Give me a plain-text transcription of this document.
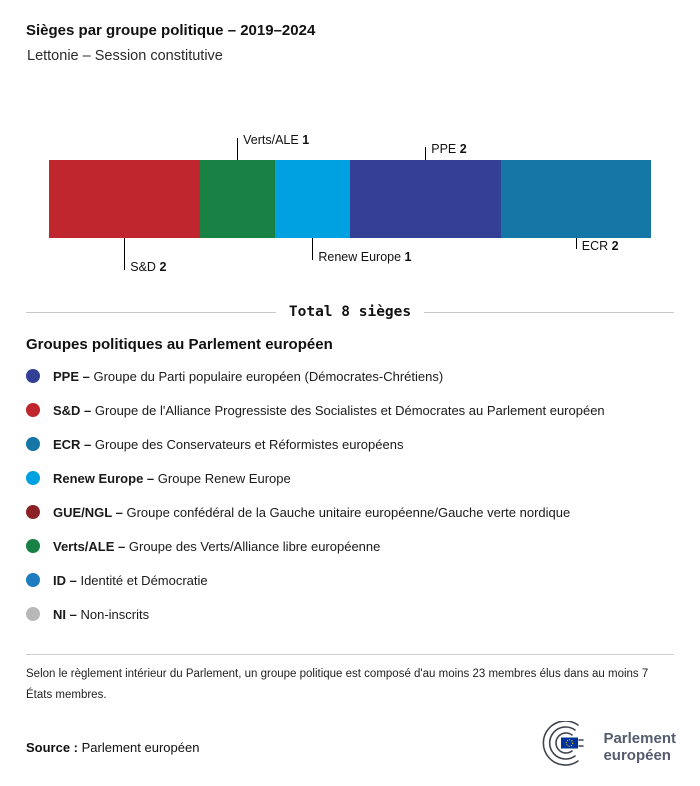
Sièges par groupe politique – 2019–2024
Lettonie – Session constitutive
S&D 2
Verts/ALE 1
Renew Europe 1
PPE 2
ECR 2
Total 8 sièges
Groupes politiques au Parlement européen
PPE – Groupe du Parti populaire européen (Démocrates-Chrétiens)
S&D – Groupe de l'Alliance Progressiste des Socialistes et Démocrates au Parlement européen
ECR – Groupe des Conservateurs et Réformistes européens
Renew Europe – Groupe Renew Europe
GUE/NGL – Groupe confédéral de la Gauche unitaire européenne/Gauche verte nordique
Verts/ALE – Groupe des Verts/Alliance libre européenne
ID – Identité et Démocratie
NI – Non-inscrits
Selon le règlement intérieur du Parlement, un groupe politique est composé d'au moins 23 membres élus dans au moins 7 États membres.
Source : Parlement européen
Parlement
européen
